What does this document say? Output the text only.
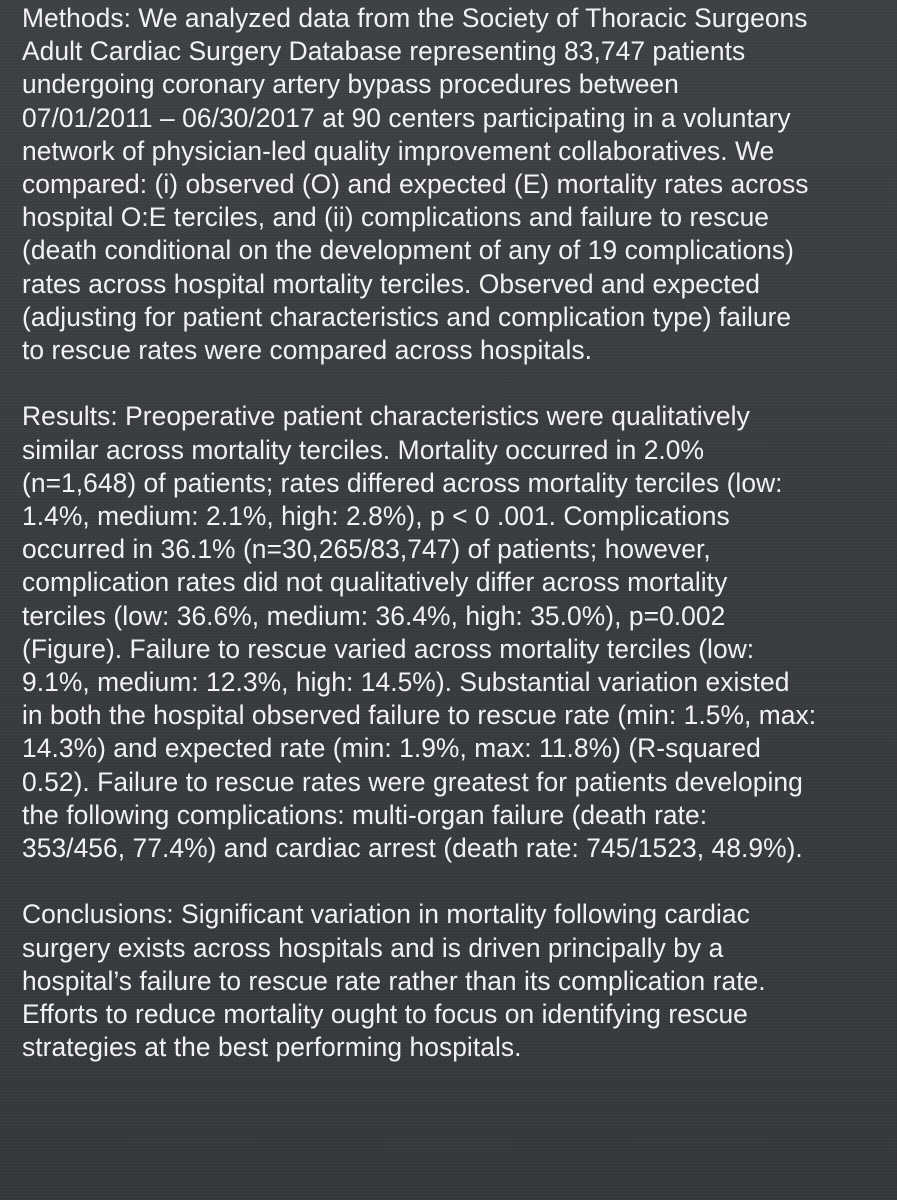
Methods: We analyzed data from the Society of Thoracic Surgeons
Adult Cardiac Surgery Database representing 83,747 patients
undergoing coronary artery bypass procedures between
07/01/2011 – 06/30/2017 at 90 centers participating in a voluntary
network of physician-led quality improvement collaboratives. We
compared: (i) observed (O) and expected (E) mortality rates across
hospital O:E terciles, and (ii) complications and failure to rescue
(death conditional on the development of any of 19 complications)
rates across hospital mortality terciles. Observed and expected
(adjusting for patient characteristics and complication type) failure
to rescue rates were compared across hospitals.

Results: Preoperative patient characteristics were qualitatively
similar across mortality terciles. Mortality occurred in 2.0%
(n=1,648) of patients; rates differed across mortality terciles (low:
1.4%, medium: 2.1%, high: 2.8%), p < 0 .001. Complications
occurred in 36.1% (n=30,265/83,747) of patients; however,
complication rates did not qualitatively differ across mortality
terciles (low: 36.6%, medium: 36.4%, high: 35.0%), p=0.002
(Figure). Failure to rescue varied across mortality terciles (low:
9.1%, medium: 12.3%, high: 14.5%). Substantial variation existed
in both the hospital observed failure to rescue rate (min: 1.5%, max:
14.3%) and expected rate (min: 1.9%, max: 11.8%) (R-squared
0.52). Failure to rescue rates were greatest for patients developing
the following complications: multi-organ failure (death rate:
353/456, 77.4%) and cardiac arrest (death rate: 745/1523, 48.9%).

Conclusions: Significant variation in mortality following cardiac
surgery exists across hospitals and is driven principally by a
hospital’s failure to rescue rate rather than its complication rate.
Efforts to reduce mortality ought to focus on identifying rescue
strategies at the best performing hospitals.
